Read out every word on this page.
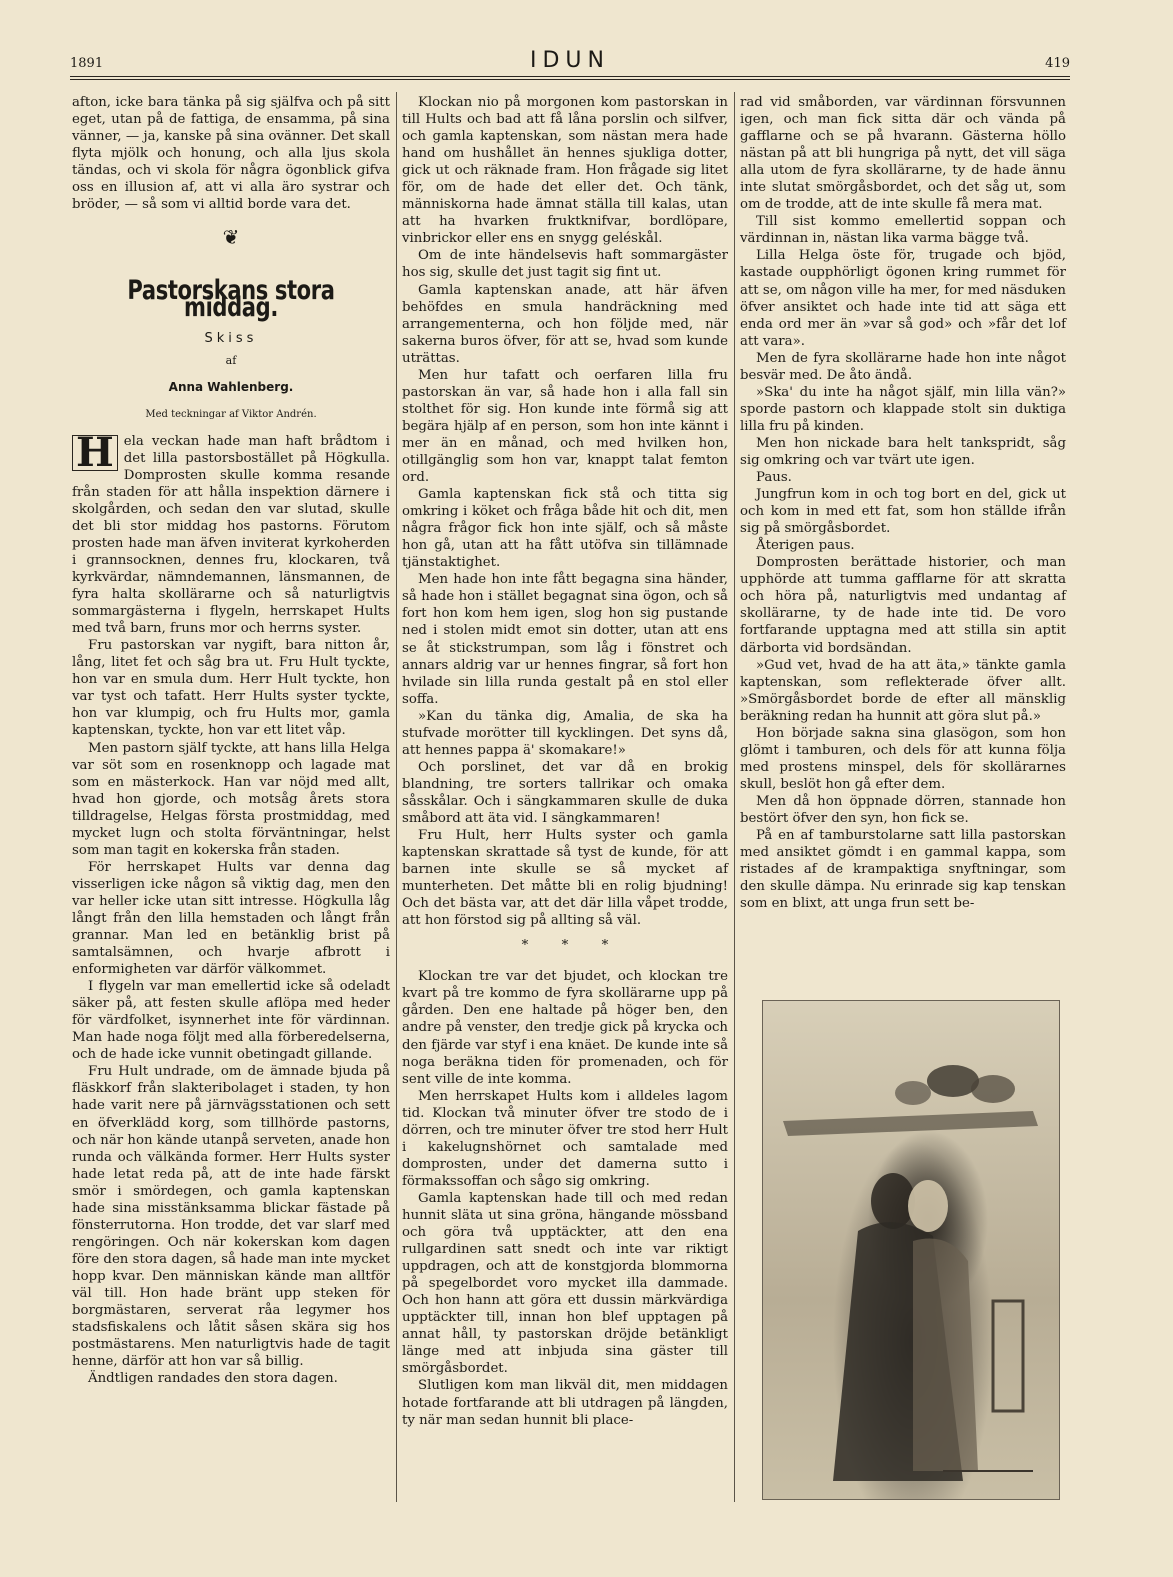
1891	IDUN	419

afton, icke bara tänka på sig själfva och på sitt eget, utan på de fattiga, de ensamma, på sina vänner, — ja, kanske på sina ovänner. Det skall flyta mjölk och honung, och alla ljus skola tändas, och vi skola för några ögonblick gifva oss en illusion af, att vi alla äro systrar och bröder, — så som vi alltid borde vara det.

❦
Pastorskans stora middag.
Skiss
af
Anna Wahlenberg.
Med teckningar af Viktor Andrén.

H ela veckan hade man haft brådtom i det lilla pastorsbostället på Högkulla. Domprosten skulle komma resande från staden för att hålla inspektion därnere i skolgården, och sedan den var slutad, skulle det bli stor middag hos pastorns. Förutom prosten hade man äfven inviterat kyrkoherden i grannsocknen, dennes fru, klockaren, två kyrkvärdar, nämndemannen, länsmannen, de fyra halta skollärarne och så naturligtvis sommargästerna i flygeln, herrskapet Hults med två barn, fruns mor och herrns syster.

Fru pastorskan var nygift, bara nitton år, lång, litet fet och såg bra ut. Fru Hult tyckte, hon var en smula dum. Herr Hult tyckte, hon var tyst och tafatt. Herr Hults syster tyckte, hon var klumpig, och fru Hults mor, gamla kaptenskan, tyckte, hon var ett litet våp.

Men pastorn själf tyckte, att hans lilla Helga var söt som en rosenknopp och lagade mat som en mästerkock. Han var nöjd med allt, hvad hon gjorde, och motsåg årets stora tilldragelse, Helgas första prostmiddag, med mycket lugn och stolta förväntningar, helst som man tagit en kokerska från staden.

För herrskapet Hults var denna dag visserligen icke någon så viktig dag, men den var heller icke utan sitt intresse. Högkulla låg långt från den lilla hemstaden och långt från grannar. Man led en betänklig brist på samtalsämnen, och hvarje afbrott i enformigheten var därför välkommet.

I flygeln var man emellertid icke så odeladt säker på, att festen skulle aflöpa med heder för värdfolket, isynnerhet inte för värdinnan. Man hade noga följt med alla förberedelserna, och de hade icke vunnit obetingadt gillande.

Fru Hult undrade, om de ämnade bjuda på fläskkorf från slakteribolaget i staden, ty hon hade varit nere på järnvägsstationen och sett en öfverklädd korg, som tillhörde pastorns, och när hon kände utanpå serveten, anade hon runda och välkända former. Herr Hults syster hade letat reda på, att de inte hade färskt smör i smördegen, och gamla kaptenskan hade sina misstänksamma blickar fästade på fönsterrutorna. Hon trodde, det var slarf med rengöringen. Och när kokerskan kom dagen före den stora dagen, så hade man inte mycket hopp kvar. Den människan kände man alltför väl till. Hon hade bränt upp steken för borgmästaren, serverat råa legymer hos stadsfiskalens och låtit såsen skära sig hos postmästarens. Men naturligtvis hade de tagit henne, därför att hon var så billig.

Ändtligen randades den stora dagen.

Klockan nio på morgonen kom pastorskan in till Hults och bad att få låna porslin och silfver, och gamla kaptenskan, som nästan mera hade hand om hushållet än hennes sjukliga dotter, gick ut och räknade fram. Hon frågade sig litet för, om de hade det eller det. Och tänk, människorna hade ämnat ställa till kalas, utan att ha hvarken fruktknifvar, bordlöpare, vinbrickor eller ens en snygg geléskål.

Om de inte händelsevis haft sommargäster hos sig, skulle det just tagit sig fint ut.

Gamla kaptenskan anade, att här äfven behöfdes en smula handräckning med arrangementerna, och hon följde med, när sakerna buros öfver, för att se, hvad som kunde uträttas.

Men hur tafatt och oerfaren lilla fru pastorskan än var, så hade hon i alla fall sin stolthet för sig. Hon kunde inte förmå sig att begära hjälp af en person, som hon inte kännt i mer än en månad, och med hvilken hon, otillgänglig som hon var, knappt talat femton ord.

Gamla kaptenskan fick stå och titta sig omkring i köket och fråga både hit och dit, men några frågor fick hon inte själf, och så måste hon gå, utan att ha fått utöfva sin tillämnade tjänstaktighet.

Men hade hon inte fått begagna sina händer, så hade hon i stället begagnat sina ögon, och så fort hon kom hem igen, slog hon sig pustande ned i stolen midt emot sin dotter, utan att ens se åt stickstrumpan, som låg i fönstret och annars aldrig var ur hennes fingrar, så fort hon hvilade sin lilla runda gestalt på en stol eller soffa.

»Kan du tänka dig, Amalia, de ska ha stufvade morötter till kycklingen. Det syns då, att hennes pappa ä' skomakare!»

Och porslinet, det var då en brokig blandning, tre sorters tallrikar och omaka såsskålar. Och i sängkammaren skulle de duka småbord att äta vid. I sängkammaren!

Fru Hult, herr Hults syster och gamla kaptenskan skrattade så tyst de kunde, för att barnen inte skulle se så mycket af munterheten. Det måtte bli en rolig bjudning! Och det bästa var, att det där lilla våpet trodde, att hon förstod sig på allting så väl.

*	*	*

Klockan tre var det bjudet, och klockan tre kvart på tre kommo de fyra skollärarne upp på gården. Den ene haltade på höger ben, den andre på venster, den tredje gick på krycka och den fjärde var styf i ena knäet. De kunde inte så noga beräkna tiden för promenaden, och för sent ville de inte komma.

Men herrskapet Hults kom i alldeles lagom tid. Klockan två minuter öfver tre stodo de i dörren, och tre minuter öfver tre stod herr Hult i kakelugnshörnet och samtalade med domprosten, under det damerna sutto i förmakssoffan och sågo sig omkring.

Gamla kaptenskan hade till och med redan hunnit släta ut sina gröna, hängande mössband och göra två upptäckter, att den ena rullgardinen satt snedt och inte var riktigt uppdragen, och att de konstgjorda blommorna på spegelbordet voro mycket illa dammade. Och hon hann att göra ett dussin märkvärdiga upptäckter till, innan hon blef upptagen på annat håll, ty pastorskan dröjde betänkligt länge med att inbjuda sina gäster till smörgåsbordet.

Slutligen kom man likväl dit, men middagen hotade fortfarande att bli utdragen på längden, ty när man sedan hunnit bli place-

rad vid småborden, var värdinnan försvunnen igen, och man fick sitta där och vända på gafflarne och se på hvarann. Gästerna höllo nästan på att bli hungriga på nytt, det vill säga alla utom de fyra skollärarne, ty de hade ännu inte slutat smörgåsbordet, och det såg ut, som om de trodde, att de inte skulle få mera mat.

Till sist kommo emellertid soppan och värdinnan in, nästan lika varma bägge två.

Lilla Helga öste för, trugade och bjöd, kastade oupphörligt ögonen kring rummet för att se, om någon ville ha mer, for med näsduken öfver ansiktet och hade inte tid att säga ett enda ord mer än »var så god» och »får det lof att vara».

Men de fyra skollärarne hade hon inte något besvär med. De åto ändå.

»Ska' du inte ha något själf, min lilla vän?» sporde pastorn och klappade stolt sin duktiga lilla fru på kinden.

Men hon nickade bara helt tankspridt, såg sig omkring och var tvärt ute igen.

Paus.

Jungfrun kom in och tog bort en del, gick ut och kom in med ett fat, som hon ställde ifrån sig på smörgåsbordet.

Återigen paus.

Domprosten berättade historier, och man upphörde att tumma gafflarne för att skratta och höra på, naturligtvis med undantag af skollärarne, ty de hade inte tid. De voro fortfarande upptagna med att stilla sin aptit därborta vid bordsändan.

»Gud vet, hvad de ha att äta,» tänkte gamla kaptenskan, som reflekterade öfver allt. »Smörgåsbordet borde de efter all mänsklig beräkning redan ha hunnit att göra slut på.»

Hon började sakna sina glasögon, som hon glömt i tamburen, och dels för att kunna följa med prostens minspel, dels för skollärarnes skull, beslöt hon gå efter dem.

Men då hon öppnade dörren, stannade hon bestört öfver den syn, hon fick se.

På en af tamburstolarne satt lilla pastorskan med ansiktet gömdt i en gammal kappa, som ristades af de krampaktiga snyftningar, som den skulle dämpa. Nu erinrade sig kap tenskan som en blixt, att unga frun sett be-
